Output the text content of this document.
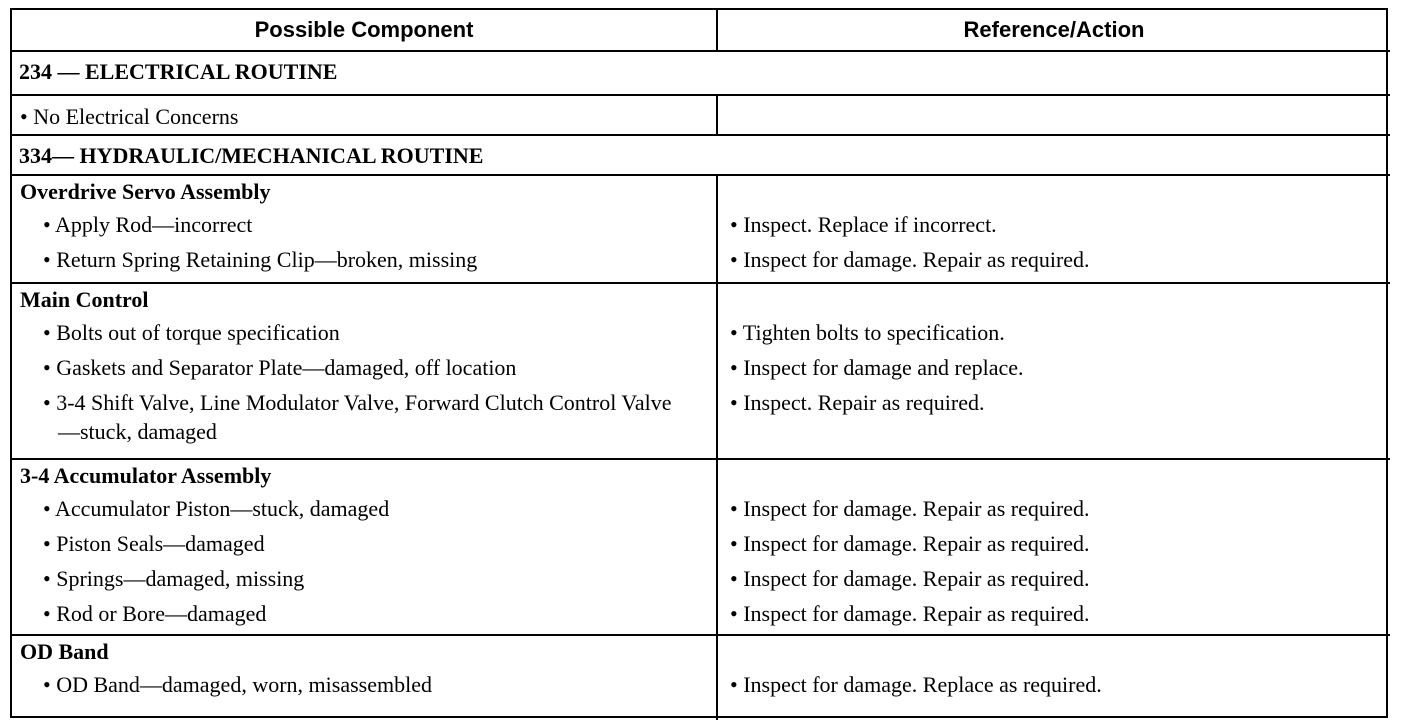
Possible Component	Reference/Action
234 — ELECTRICAL ROUTINE
• No Electrical Concerns
334— HYDRAULIC/MECHANICAL ROUTINE
Overdrive Servo Assembly
• Apply Rod—incorrect
• Return Spring Retaining Clip—broken, missing
• Inspect. Replace if incorrect.
• Inspect for damage. Repair as required.
Main Control
• Bolts out of torque specification
• Gaskets and Separator Plate—damaged, off location
• 3-4 Shift Valve, Line Modulator Valve, Forward Clutch Control Valve—stuck, damaged
• Tighten bolts to specification.
• Inspect for damage and replace.
• Inspect. Repair as required.
3-4 Accumulator Assembly
• Accumulator Piston—stuck, damaged
• Piston Seals—damaged
• Springs—damaged, missing
• Rod or Bore—damaged
• Inspect for damage. Repair as required.
• Inspect for damage. Repair as required.
• Inspect for damage. Repair as required.
• Inspect for damage. Repair as required.
OD Band
• OD Band—damaged, worn, misassembled	• Inspect for damage. Replace as required.
